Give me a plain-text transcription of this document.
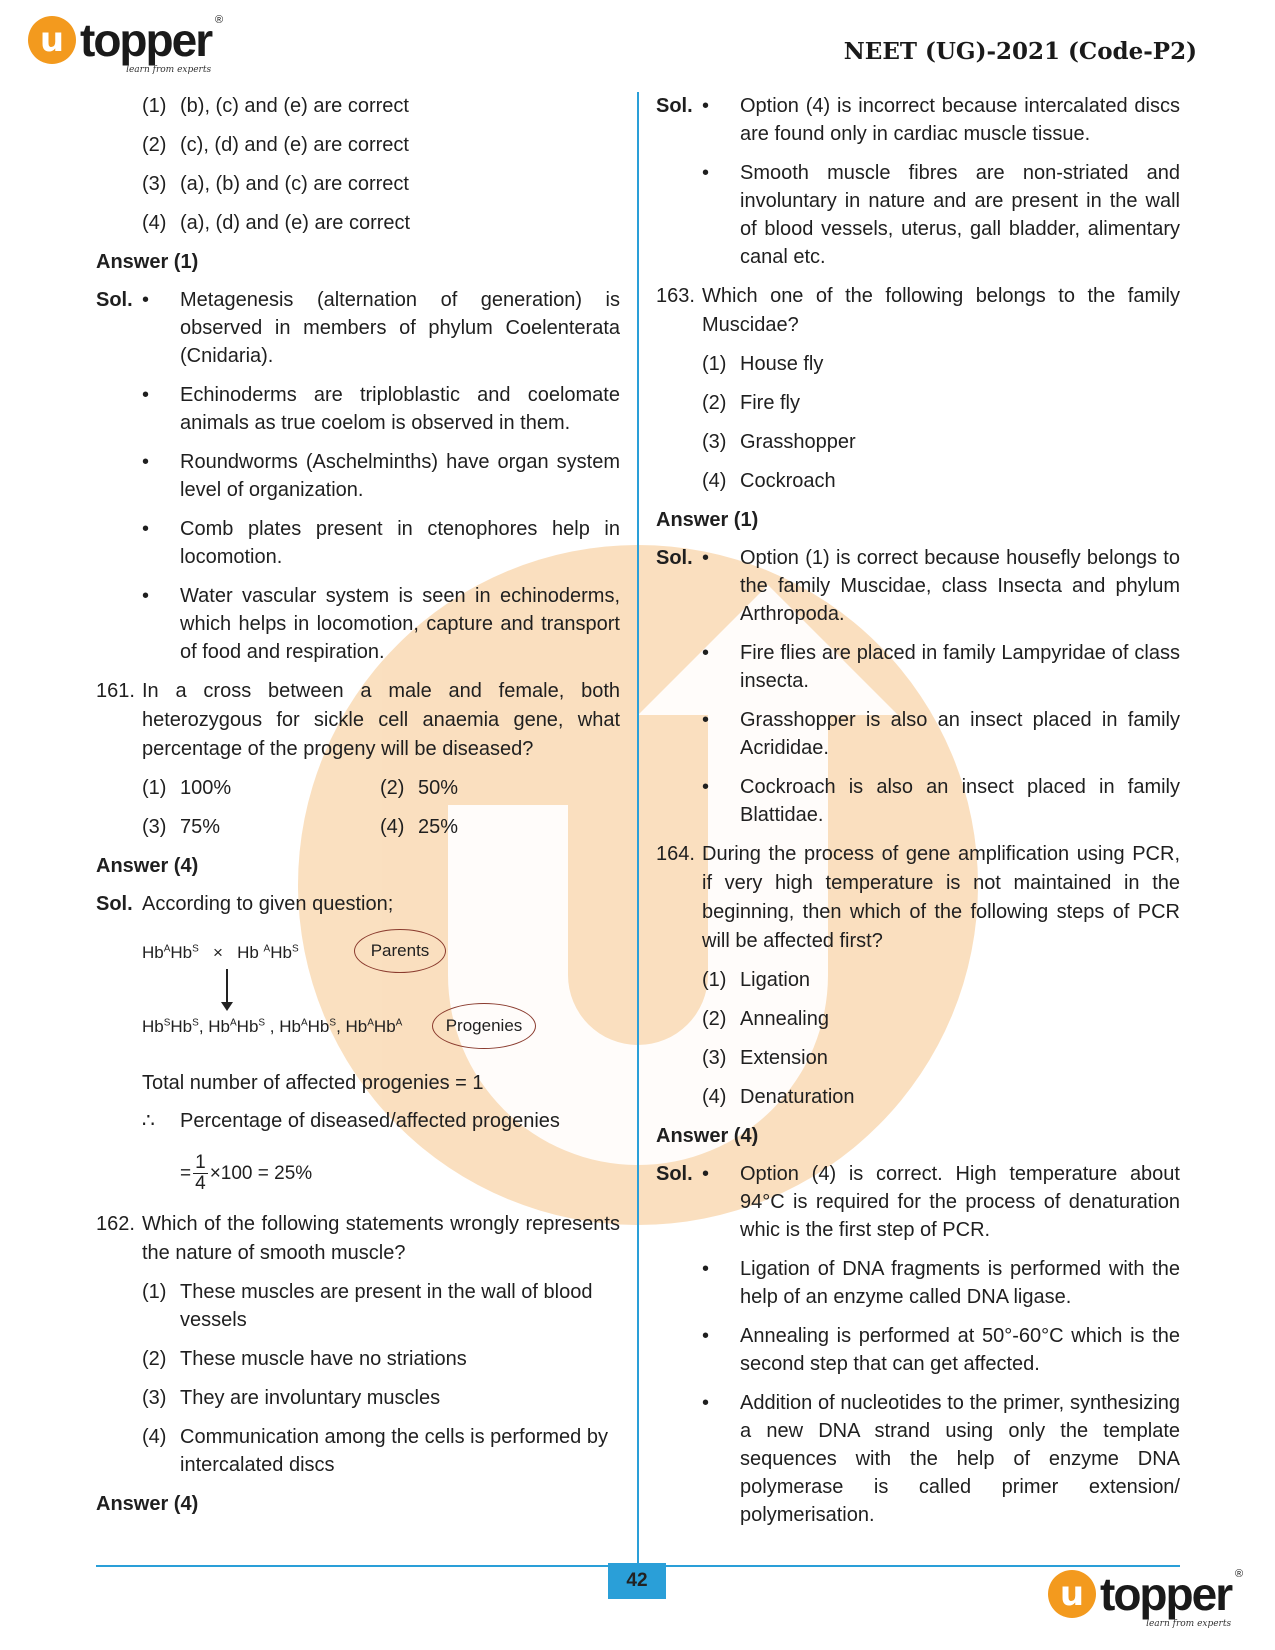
u topper ®
learn from experts
NEET (UG)-2021 (Code-P2)
(1) (b), (c) and (e) are correct
(2) (c), (d) and (e) are correct
(3) (a), (b) and (c) are correct
(4) (a), (d) and (e) are correct
Answer (1)
Sol. •	Metagenesis (alternation of generation) is observed in members of phylum Coelenterata (Cnidaria).
•	Echinoderms are triploblastic and coelomate animals as true coelom is observed in them.
•	Roundworms (Aschelminths) have organ system level of organization.
•	Comb plates present in ctenophores help in locomotion.
•	Water vascular system is seen in echinoderms, which helps in locomotion, capture and transport of food and respiration.
161. In a cross between a male and female, both heterozygous for sickle cell anaemia gene, what percentage of the progeny will be diseased?
(1) 100%	(2) 50%
(3) 75%	(4) 25%
Answer (4)
Sol. According to given question;
$Hb^AHb^S \times Hb$ $^AHb^S$	Parents
$Hb^SHb^S$, $Hb^AHb^S$ , $Hb^AHb^S$, $Hb^AHb^A$	Progenies
Total number of affected progenies = 1
∴	Percentage of diseased/affected progenies
= $\frac{1}{4} \times 100 = 25\%$
162. Which of the following statements wrongly represents the nature of smooth muscle?
(1) These muscles are present in the wall of blood vessels
(2) These muscle have no striations
(3) They are involuntary muscles
(4) Communication among the cells is performed by intercalated discs
Answer (4)
Sol. •	Option (4) is incorrect because intercalated discs are found only in cardiac muscle tissue.
•	Smooth muscle fibres are non-striated and involuntary in nature and are present in the wall of blood vessels, uterus, gall bladder, alimentary canal etc.
163. Which one of the following belongs to the family Muscidae?
(1) House fly
(2) Fire fly
(3) Grasshopper
(4) Cockroach
Answer (1)
Sol. •	Option (1) is correct because housefly belongs to the family Muscidae, class Insecta and phylum Arthropoda.
•	Fire flies are placed in family Lampyridae of class insecta.
•	Grasshopper is also an insect placed in family Acrididae.
•	Cockroach is also an insect placed in family Blattidae.
164. During the process of gene amplification using PCR, if very high temperature is not maintained in the beginning, then which of the following steps of PCR will be affected first?
(1) Ligation
(2) Annealing
(3) Extension
(4) Denaturation
Answer (4)
Sol. •	Option (4) is correct. High temperature about 94°C is required for the process of denaturation whic is the first step of PCR.
•	Ligation of DNA fragments is performed with the help of an enzyme called DNA ligase.
•	Annealing is performed at 50°-60°C which is the second step that can get affected.
•	Addition of nucleotides to the primer, synthesizing a new DNA strand using only the template sequences with the help of enzyme DNA polymerase is called primer extension/ polymerisation.
42	u topper ®
learn from experts
